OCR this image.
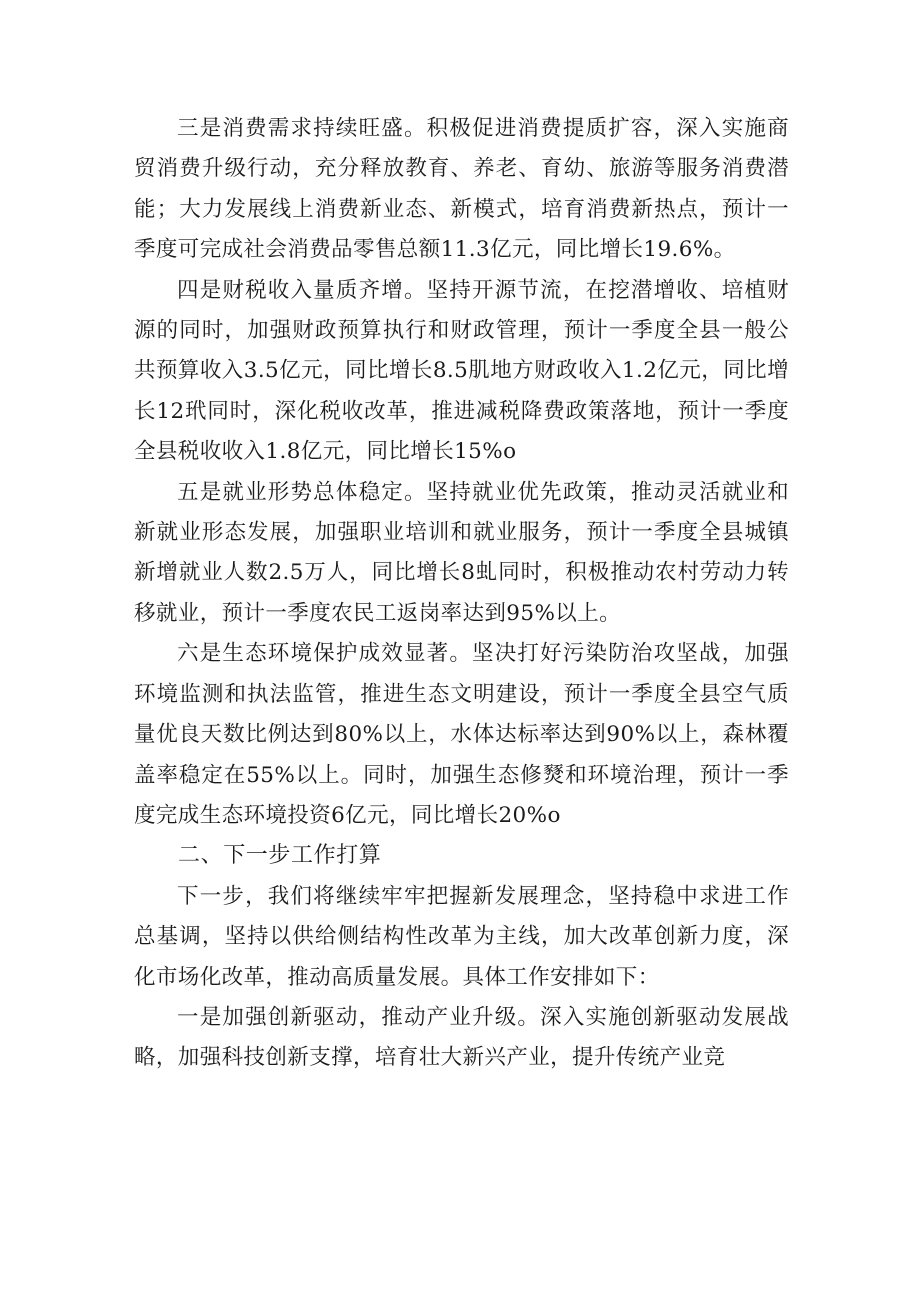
三是消费需求持续旺盛。积极促进消费提质扩容，深入实施商贸消费升级行动，充分释放教育、养老、育幼、旅游等服务消费潜能；大力发展线上消费新业态、新模式，培育消费新热点，预计一季度可完成社会消费品零售总额11.3亿元，同比增长19.6%。

四是财税收入量质齐增。坚持开源节流，在挖潜增收、培植财源的同时，加强财政预算执行和财政管理，预计一季度全县一般公共预算收入3.5亿元，同比增长8.5肌地方财政收入1.2亿元，同比增长12玳同时，深化税收改革，推进减税降费政策落地，预计一季度全县税收收入1.8亿元，同比增长15%o

五是就业形势总体稳定。坚持就业优先政策，推动灵活就业和新就业形态发展，加强职业培训和就业服务，预计一季度全县城镇新增就业人数2.5万人，同比增长8虬同时，积极推动农村劳动力转移就业，预计一季度农民工返岗率达到95%以上。

六是生态环境保护成效显著。坚决打好污染防治攻坚战，加强环境监测和执法监管，推进生态文明建设，预计一季度全县空气质量优良天数比例达到80%以上，水体达标率达到90%以上，森林覆盖率稳定在55%以上。同时，加强生态修燹和环境治理，预计一季度完成生态环境投资6亿元，同比增长20%o

二、下一步工作打算

下一步，我们将继续牢牢把握新发展理念，坚持稳中求进工作总基调，坚持以供给侧结构性改革为主线，加大改革创新力度，深化市场化改革，推动高质量发展。具体工作安排如下：

一是加强创新驱动，推动产业升级。深入实施创新驱动发展战略，加强科技创新支撑，培育壮大新兴产业，提升传统产业竞
